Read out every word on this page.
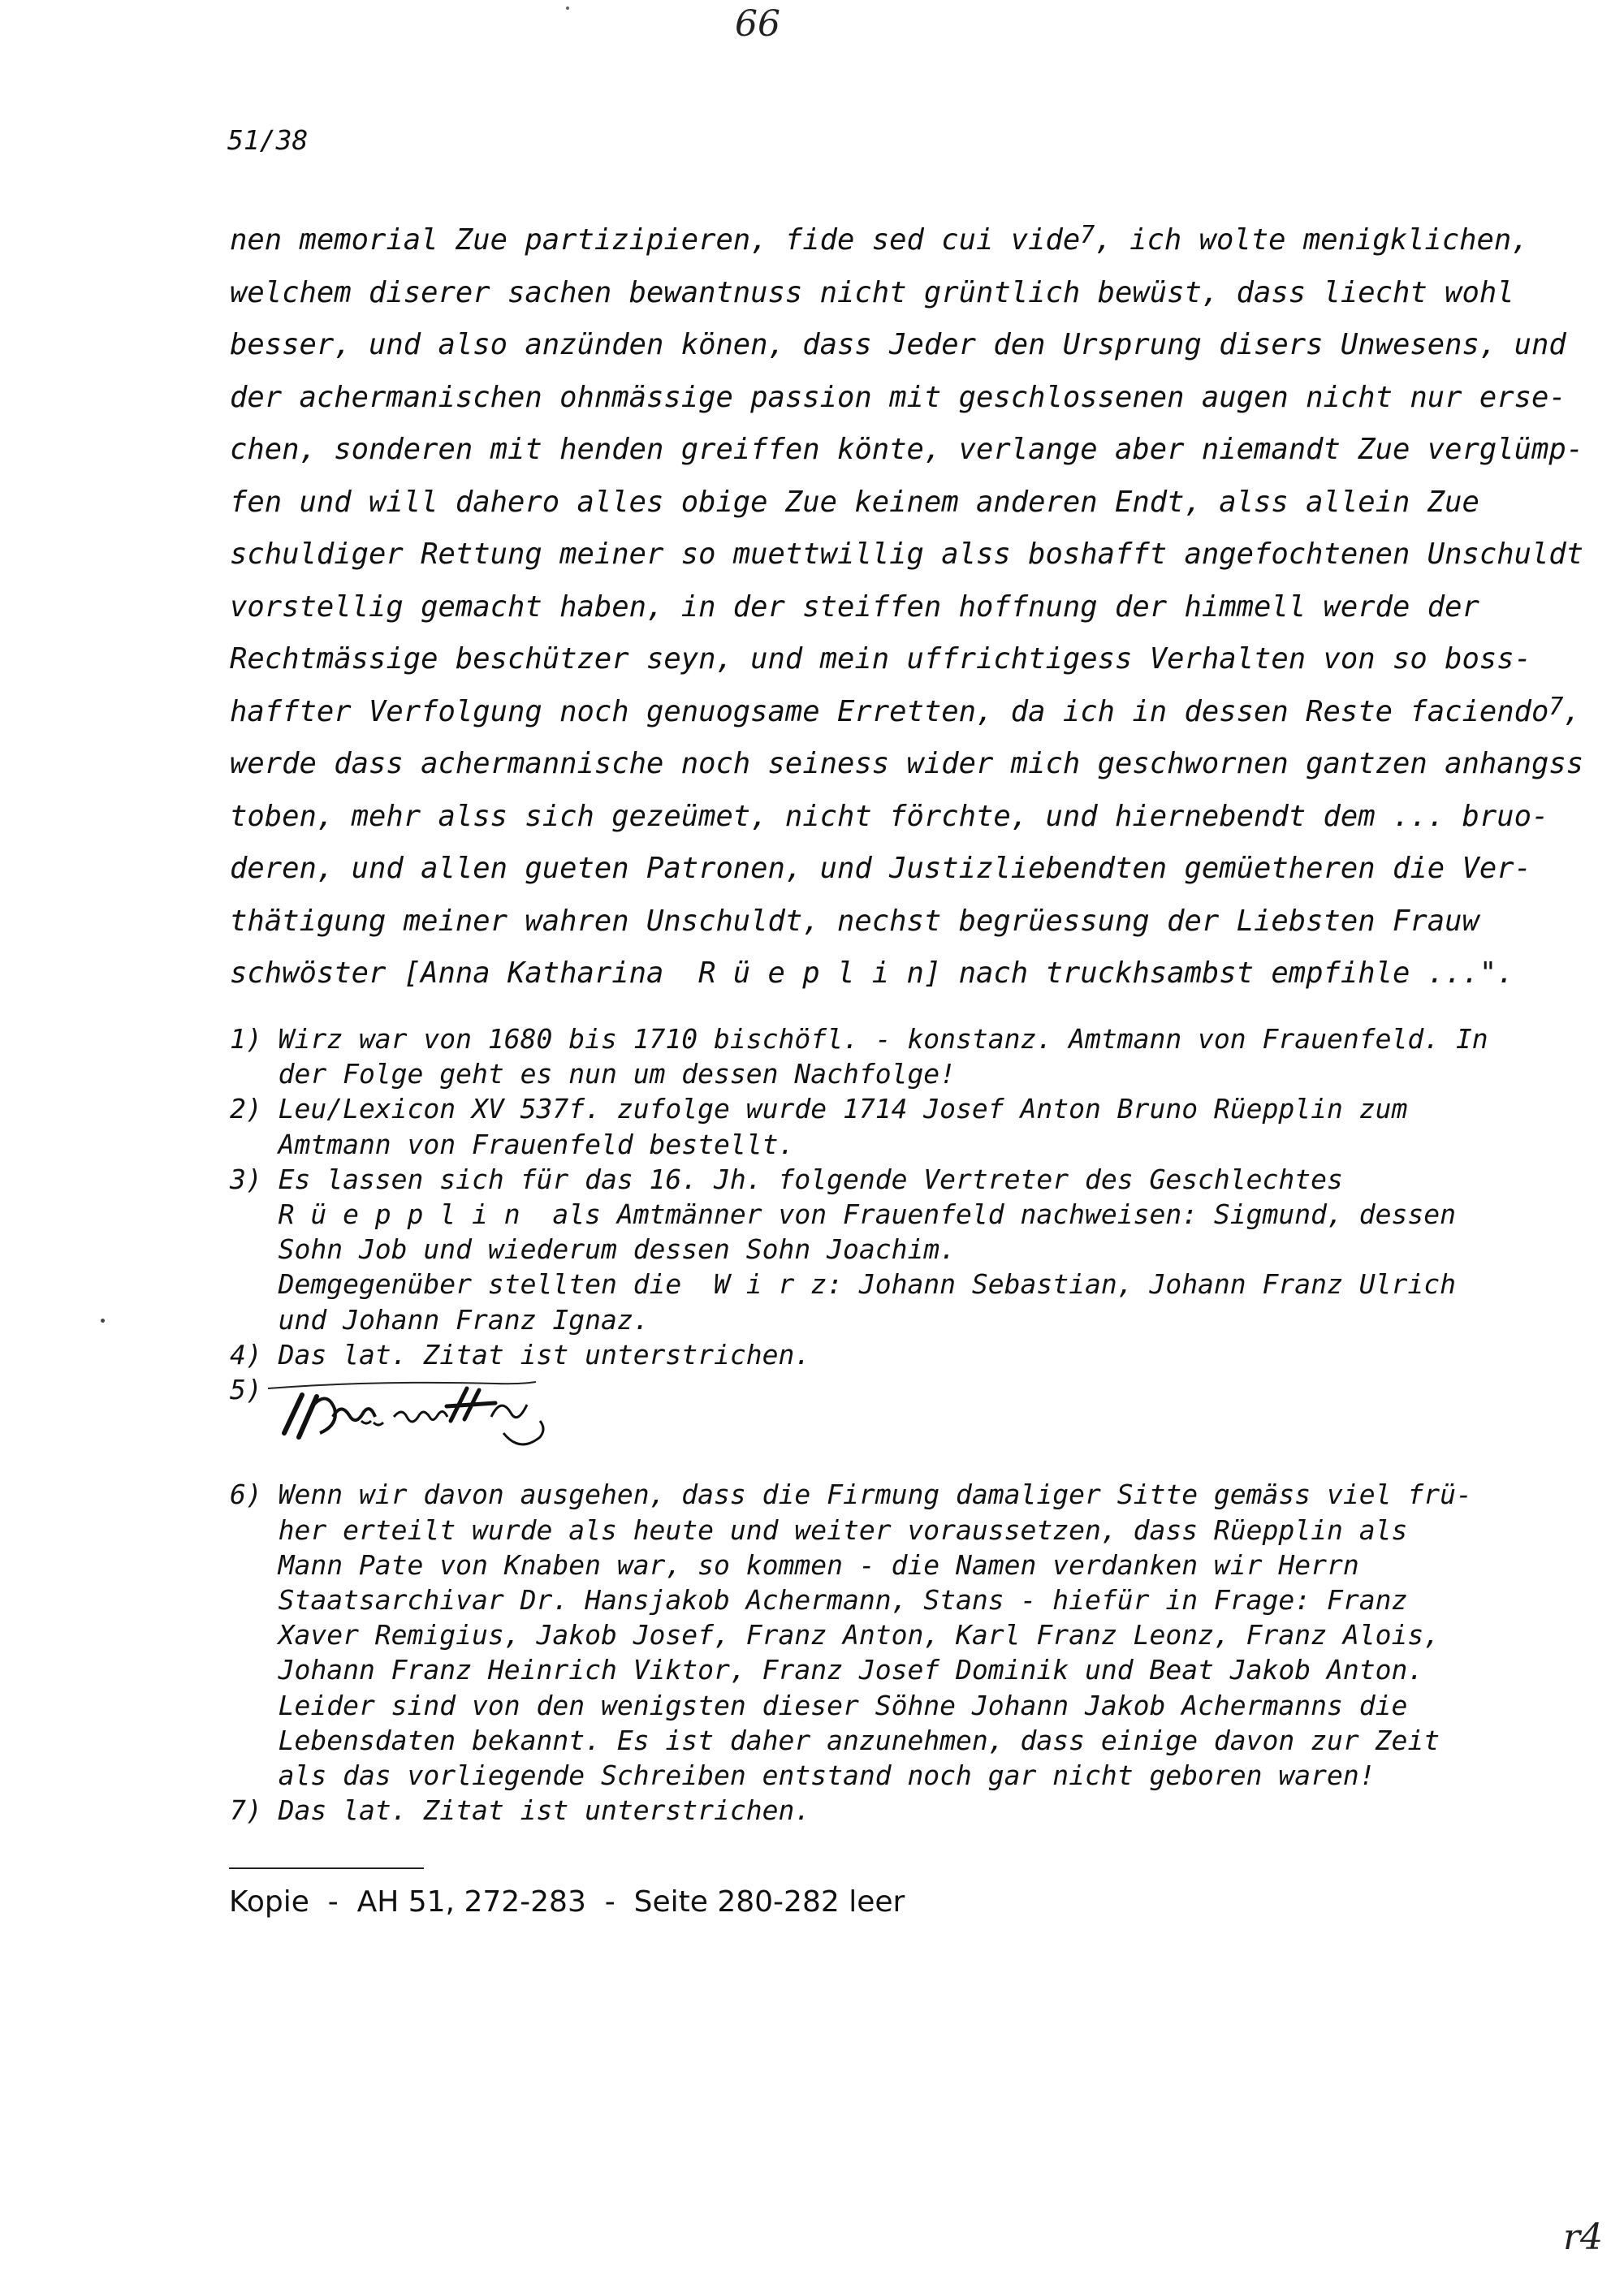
66
51/38
nen memorial Zue partizipieren, fide sed cui vide$^7$, ich wolte menigklichen,
welchem diserer sachen bewantnuss nicht grüntlich bewüst, dass liecht wohl
besser, und also anzünden könen, dass Jeder den Ursprung disers Unwesens, und
der achermanischen ohnmässige passion mit geschlossenen augen nicht nur erse-
chen, sonderen mit henden greiffen könte, verlange aber niemandt Zue verglümp-
fen und will dahero alles obige Zue keinem anderen Endt, alss allein Zue
schuldiger Rettung meiner so muettwillig alss boshafft angefochtenen Unschuldt
vorstellig gemacht haben, in der steiffen hoffnung der himmell werde der
Rechtmässige beschützer seyn, und mein uffrichtigess Verhalten von so boss-
haffter Verfolgung noch genuogsame Erretten, da ich in dessen Reste faciendo$^7$,
werde dass achermannische noch seiness wider mich geschwornen gantzen anhangss
toben, mehr alss sich gezeümet, nicht förchte, und hiernebendt dem ... bruo-
deren, und allen gueten Patronen, und Justizliebendten gemüetheren die Ver-
thätigung meiner wahren Unschuldt, nechst begrüessung der Liebsten Frauw
schwöster [Anna Katharina  R ü e p l i n] nach truckhsambst empfihle ...".
1) Wirz war von 1680 bis 1710 bischöfl. - konstanz. Amtmann von Frauenfeld. In
der Folge geht es nun um dessen Nachfolge!
2) Leu/Lexicon XV 537f. zufolge wurde 1714 Josef Anton Bruno Rüepplin zum
Amtmann von Frauenfeld bestellt.
3) Es lassen sich für das 16. Jh. folgende Vertreter des Geschlechtes
R ü e p p l i n  als Amtmänner von Frauenfeld nachweisen: Sigmund, dessen
Sohn Job und wiederum dessen Sohn Joachim.
Demgegenüber stellten die  W i r z: Johann Sebastian, Johann Franz Ulrich
und Johann Franz Ignaz.
4) Das lat. Zitat ist unterstrichen.
5)
6) Wenn wir davon ausgehen, dass die Firmung damaliger Sitte gemäss viel frü-
her erteilt wurde als heute und weiter voraussetzen, dass Rüepplin als
Mann Pate von Knaben war, so kommen - die Namen verdanken wir Herrn
Staatsarchivar Dr. Hansjakob Achermann, Stans - hiefür in Frage: Franz
Xaver Remigius, Jakob Josef, Franz Anton, Karl Franz Leonz, Franz Alois,
Johann Franz Heinrich Viktor, Franz Josef Dominik und Beat Jakob Anton.
Leider sind von den wenigsten dieser Söhne Johann Jakob Achermanns die
Lebensdaten bekannt. Es ist daher anzunehmen, dass einige davon zur Zeit
als das vorliegende Schreiben entstand noch gar nicht geboren waren!
7) Das lat. Zitat ist unterstrichen.
Kopie  -  AH 51, 272-283  -  Seite 280-282 leer
r4
